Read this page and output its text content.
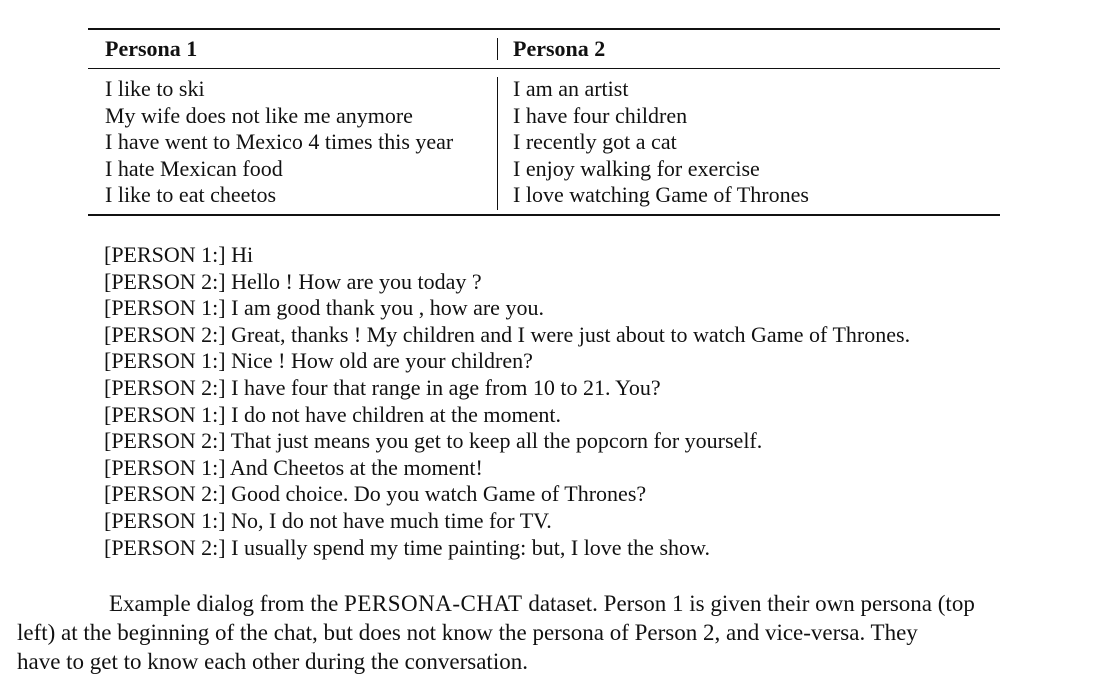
Persona 1	Persona 2
I like to ski
My wife does not like me anymore
I have went to Mexico 4 times this year
I hate Mexican food
I like to eat cheetos
I am an artist
I have four children
I recently got a cat
I enjoy walking for exercise
I love watching Game of Thrones
[PERSON 1:] Hi
[PERSON 2:] Hello ! How are you today ?
[PERSON 1:] I am good thank you , how are you.
[PERSON 2:] Great, thanks ! My children and I were just about to watch Game of Thrones.
[PERSON 1:] Nice ! How old are your children?
[PERSON 2:] I have four that range in age from 10 to 21. You?
[PERSON 1:] I do not have children at the moment.
[PERSON 2:] That just means you get to keep all the popcorn for yourself.
[PERSON 1:] And Cheetos at the moment!
[PERSON 2:] Good choice. Do you watch Game of Thrones?
[PERSON 1:] No, I do not have much time for TV.
[PERSON 2:] I usually spend my time painting: but, I love the show.
Example dialog from the PERSONA-CHAT dataset. Person 1 is given their own persona (top
left) at the beginning of the chat, but does not know the persona of Person 2, and vice-versa. They
have to get to know each other during the conversation.
